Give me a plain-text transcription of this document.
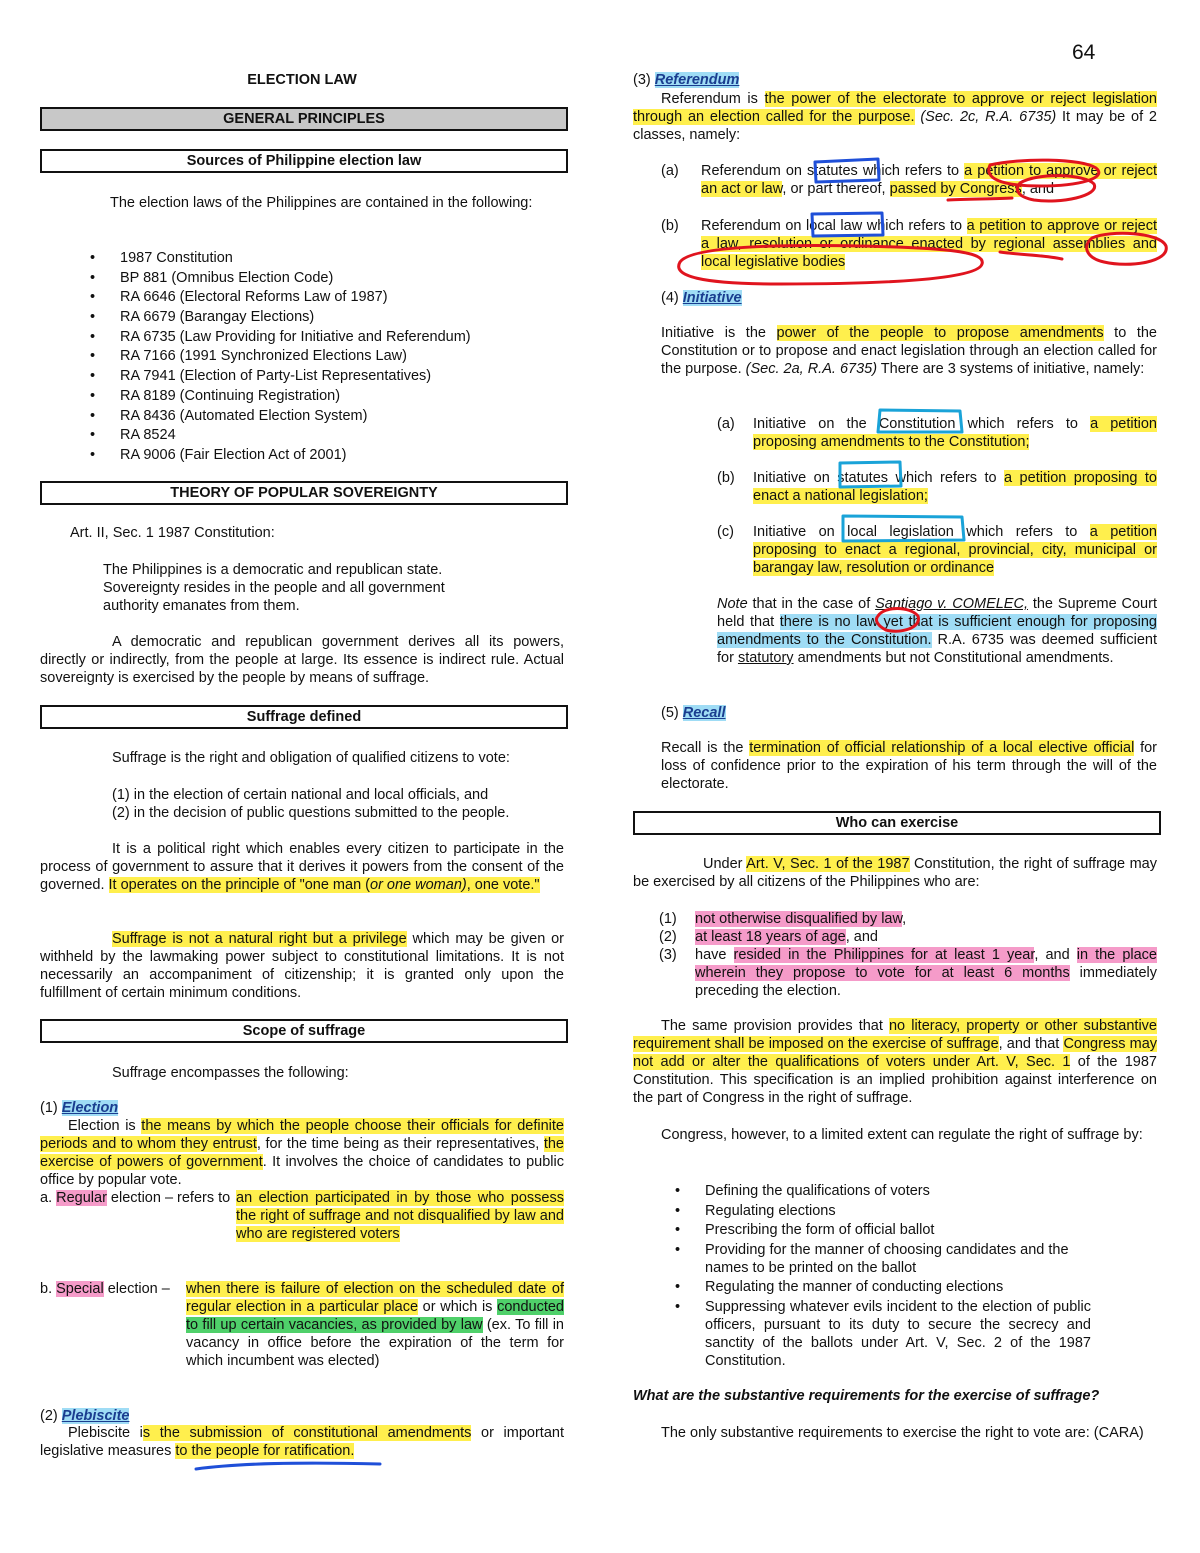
64
ELECTION LAW
GENERAL PRINCIPLES
Sources of Philippine election law

The election laws of the Philippines are contained in the following:

• 1987 Constitution
• BP 881 (Omnibus Election Code)
• RA 6646 (Electoral Reforms Law of 1987)
• RA 6679 (Barangay Elections)
• RA 6735 (Law Providing for Initiative and Referendum)
• RA 7166 (1991 Synchronized Elections Law)
• RA 7941 (Election of Party-List Representatives)
• RA 8189 (Continuing Registration)
• RA 8436 (Automated Election System)
• RA 8524
• RA 9006 (Fair Election Act of 2001)
THEORY OF POPULAR SOVEREIGNTY

Art. II, Sec. 1 1987 Constitution:

The Philippines is a democratic and republican state.
Sovereignty resides in the people and all government
authority emanates from them.

A democratic and republican government derives all its powers, directly or indirectly, from the people at large. Its essence is indirect rule. Actual sovereignty is exercised by the people by means of suffrage.

Suffrage defined

Suffrage is the right and obligation of qualified citizens to vote:

(1) in the election of certain national and local officials, and
(2) in the decision of public questions submitted to the people.

It is a political right which enables every citizen to participate in the process of government to assure that it derives it powers from the consent of the governed. It operates on the principle of "one man (or one woman), one vote."

Suffrage is not a natural right but a privilege which may be given or withheld by the lawmaking power subject to constitutional limitations. It is not necessarily an accompaniment of citizenship; it is granted only upon the fulfillment of certain minimum conditions.

Scope of suffrage

Suffrage encompasses the following:

(1) Election

Election is the means by which the people choose their officials for definite periods and to whom they entrust, for the time being as their representatives, the exercise of powers of government. It involves the choice of candidates to public office by popular vote.

a. Regular election – refers to an election participated in by those who possess the right of suffrage and not disqualified by law and who are registered voters

b. Special election – when there is failure of election on the scheduled date of regular election in a particular place or which is conducted to fill up certain vacancies, as provided by law (ex. To fill in vacancy in office before the expiration of the term for which incumbent was elected)

(2) Plebiscite

Plebiscite is the submission of constitutional amendments or important legislative measures to the people for ratification.

(3) Referendum

Referendum is the power of the electorate to approve or reject legislation through an election called for the purpose. (Sec. 2c, R.A. 6735) It may be of 2 classes, namely:

(a) Referendum on statutes which refers to a petition to approve or reject an act or law, or part thereof, passed by Congress; and

(b) Referendum on local law which refers to a petition to approve or reject a law, resolution or ordinance enacted by regional assemblies and local legislative bodies

(4) Initiative

Initiative is the power of the people to propose amendments to the Constitution or to propose and enact legislation through an election called for the purpose. (Sec. 2a, R.A. 6735) There are 3 systems of initiative, namely:

(a) Initiative on the Constitution which refers to a petition proposing amendments to the Constitution;

(b) Initiative on statutes which refers to a petition proposing to enact a national legislation;

(c) Initiative on local legislation which refers to a petition proposing to enact a regional, provincial, city, municipal or barangay law, resolution or ordinance

Note that in the case of Santiago v. COMELEC, the Supreme Court held that there is no law yet that is sufficient enough for proposing amendments to the Constitution. R.A. 6735 was deemed sufficient for statutory amendments but not Constitutional amendments.

(5) Recall

Recall is the termination of official relationship of a local elective official for loss of confidence prior to the expiration of his term through the will of the electorate.

Who can exercise

Under Art. V, Sec. 1 of the 1987 Constitution, the right of suffrage may be exercised by all citizens of the Philippines who are:

(1) not otherwise disqualified by law,
(2) at least 18 years of age, and
(3) have resided in the Philippines for at least 1 year, and in the place wherein they propose to vote for at least 6 months immediately preceding the election.

The same provision provides that no literacy, property or other substantive requirement shall be imposed on the exercise of suffrage, and that Congress may not add or alter the qualifications of voters under Art. V, Sec. 1 of the 1987 Constitution. This specification is an implied prohibition against interference on the part of Congress in the right of suffrage.

Congress, however, to a limited extent can regulate the right of suffrage by:

• Defining the qualifications of voters
• Regulating elections
• Prescribing the form of official ballot
• Providing for the manner of choosing candidates and the names to be printed on the ballot
• Regulating the manner of conducting elections
• Suppressing whatever evils incident to the election of public officers, pursuant to its duty to secure the secrecy and sanctity of the ballots under Art. V, Sec. 2 of the 1987 Constitution.

What are the substantive requirements for the exercise of suffrage?

The only substantive requirements to exercise the right to vote are: (CARA)
